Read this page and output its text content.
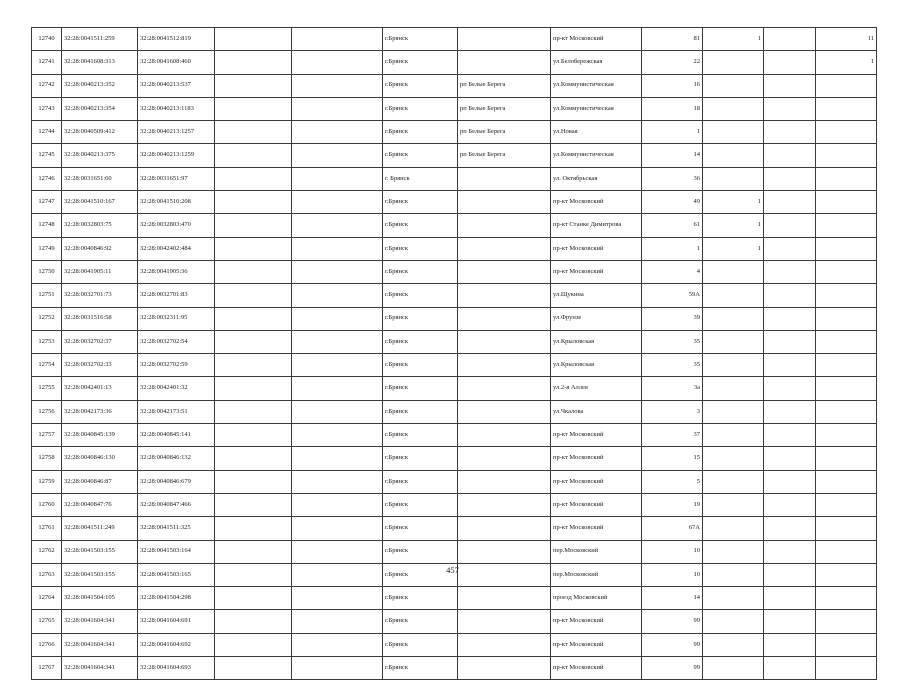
12740	32:28:0041511:259	32:28:0041512:819			г.Брянск		пр-кт Московский	81	1		11
12741	32:28:0041608:313	32:28:0041608:460			г.Брянск		ул.Белобережская	22			1
12742	32:28:0040213:352	32:28:0040213:537			г.Брянск	рп Белые Берега	ул.Коммунистическая	16			
12743	32:28:0040213:354	32:28:0040213:1183			г.Брянск	рп Белые Берега	ул.Коммунистическая	18			
12744	32:28:0040509:412	32:28:0040213:1257			г.Брянск	рп Белые Берега	ул.Новая	1			
12745	32:28:0040213:375	32:28:0040213:1259			г.Брянск	рп Белые Берега	ул.Коммунистическая	14			
12746	32:28:0031651:60	32:28:0031651:97			г. Брянск		ул. Октябрьская	36			
12747	32:28:0041510:167	32:28:0041510:208			г.Брянск		пр-кт Московский	49	1		
12748	32:28:0032803:75	32:28:0032803:470			г.Брянск		пр-кт Станке Димитрова	61	1		
12749	32:28:0040846:92	32:28:0042402:484			г.Брянск		пр-кт Московский	1	1		
12750	32:28:0041905:11	32:28:0041905:36			г.Брянск		пр-кт Московский	4			
12751	32:28:0032701:73	32:28:0032701:83			г.Брянск		ул.Щукина	59А			
12752	32:28:0031516:58	32:28:0032311:95			г.Брянск		ул.Фрунзе	39			
12753	32:28:0032702:37	32:28:0032702:54			г.Брянск		ул.Крыловская	35			
12754	32:28:0032702:33	32:28:0032702:59			г.Брянск		ул.Крыловская	35			
12755	32:28:0042401:13	32:28:0042401:32			г.Брянск		ул.2-я Аллея	3а			
12756	32:28:0042173:36	32:28:0042173:51			г.Брянск		ул.Чкалова	3			
12757	32:28:0040845:139	32:28:0040845:141			г.Брянск		пр-кт Московский	37			
12758	32:28:0040846:130	32:28:0040846:132			г.Брянск		пр-кт Московский	15			
12759	32:28:0040846:87	32:28:0040846:679			г.Брянск		пр-кт Московский	5			
12760	32:28:0040847:76	32:28:0040847:466			г.Брянск		пр-кт Московский	19			
12761	32:28:0041511:249	32:28:0041511:325			г.Брянск		пр-кт Московский	67А			
12762	32:28:0041503:155	32:28:0041503:164			г.Брянск		пер.Московский	10			
12763	32:28:0041503:155	32:28:0041503:165			г.Брянск		пер.Московский	10			
12764	32:28:0041504:105	32:28:0041504:298			г.Брянск		проезд Московский	14			
12765	32:28:0041604:341	32:28:0041604:691			г.Брянск		пр-кт Московский	99			
12766	32:28:0041604:341	32:28:0041604:692			г.Брянск		пр-кт Московский	99			
12767	32:28:0041604:341	32:28:0041604:693			г.Брянск		пр-кт Московский	99			
457
